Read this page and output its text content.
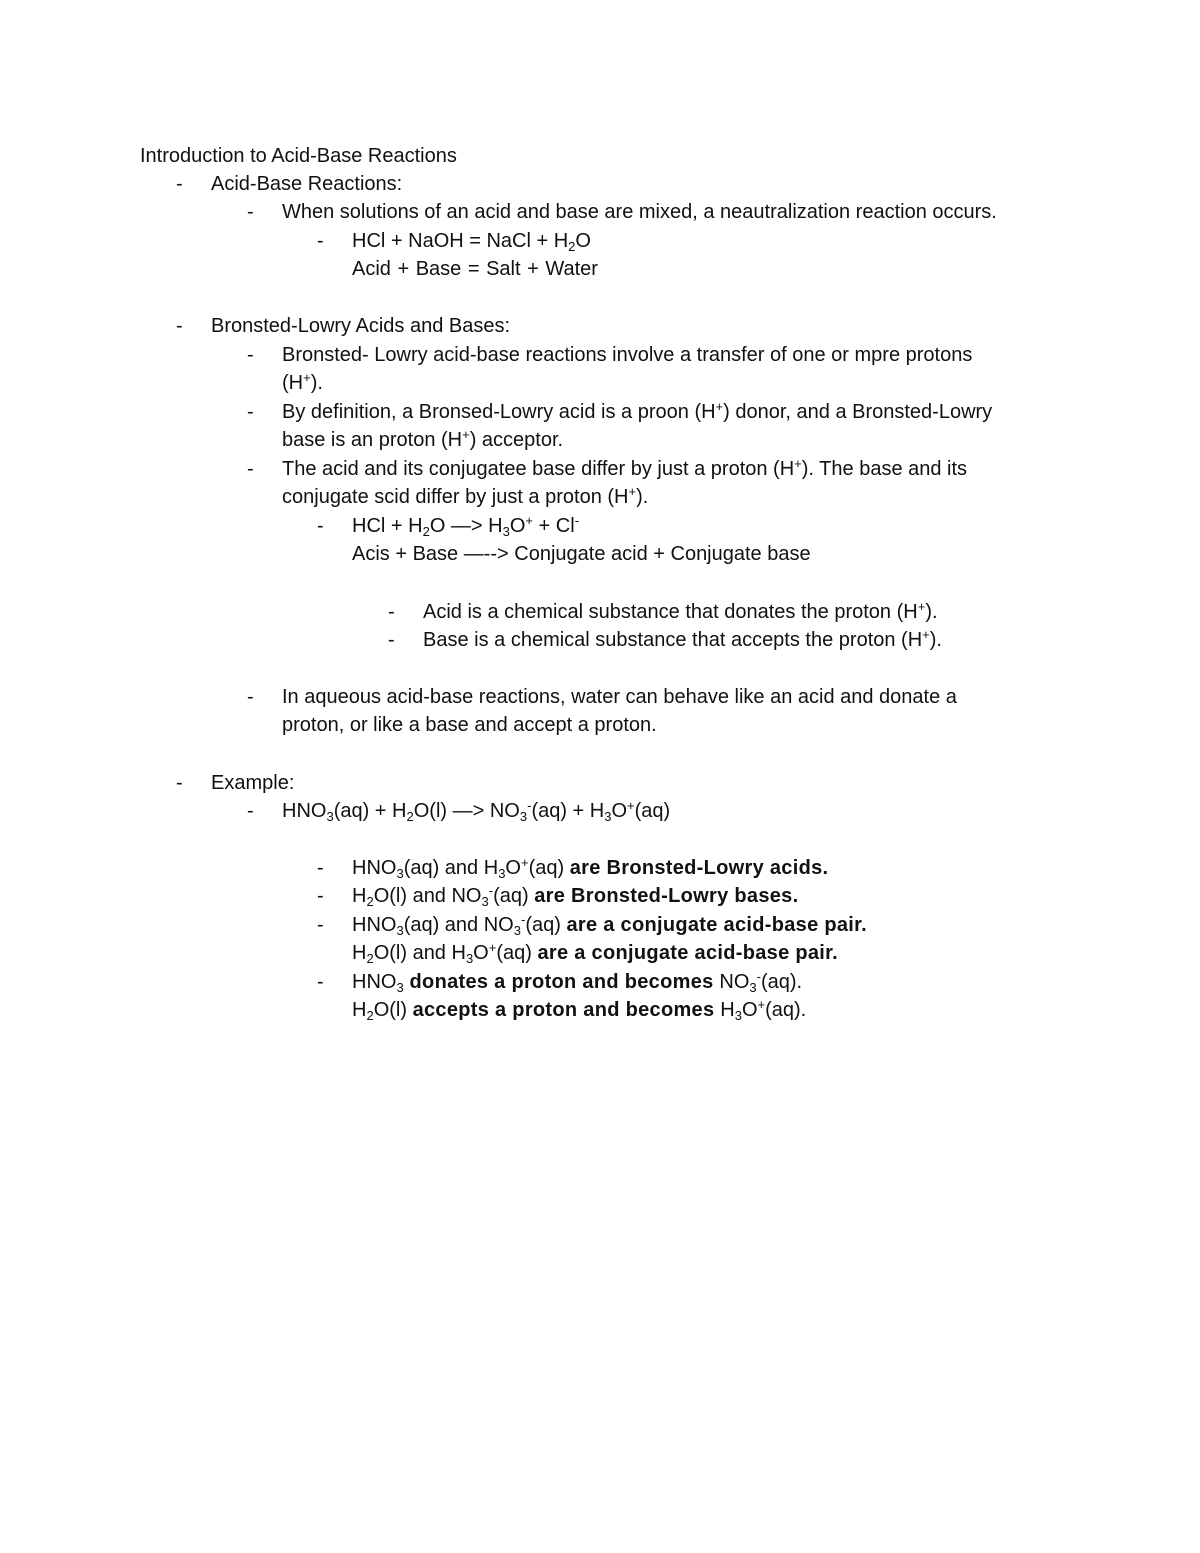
Introduction to Acid-Base Reactions
- Acid-Base Reactions:
- When solutions of an acid and base are mixed, a neautralization reaction occurs.
- HCl + NaOH = NaCl + $H_2O$
Acid + Base = Salt + Water
- Bronsted-Lowry Acids and Bases:
- Bronsted- Lowry acid-base reactions involve a transfer of one or mpre protons
(H+).
- By definition, a Bronsed-Lowry acid is a proon (H+) donor, and a Bronsted-Lowry
base is an proton (H+) acceptor.
- The acid and its conjugatee base differ by just a proton (H+). The base and its
conjugate scid differ by just a proton (H+).
- HCl + $H_2O$ —> $H_3O^+ + Cl^-$
Acis + Base —--> Conjugate acid + Conjugate base
- Acid is a chemical substance that donates the proton (H+).
- Base is a chemical substance that accepts the proton (H+).
- In aqueous acid-base reactions, water can behave like an acid and donate a
proton, or like a base and accept a proton.
- Example:
- $HNO_3(aq) + H_2O(l)$ —> $NO_3^-(aq) + H_3O^+(aq)$
- $HNO_3(aq)$ and $H_3O^+(aq)$ are Bronsted-Lowry acids.
- $H_2O(l)$ and $NO_3^-(aq)$ are Bronsted-Lowry bases.
- $HNO_3(aq)$ and $NO_3^-(aq)$ are a conjugate acid-base pair.
$H_2O(l)$ and $H_3O^+(aq)$ are a conjugate acid-base pair.
- $HNO_3$ donates a proton and becomes $NO_3^-(aq)$.
$H_2O(l)$ accepts a proton and becomes $H_3O^+(aq)$.
